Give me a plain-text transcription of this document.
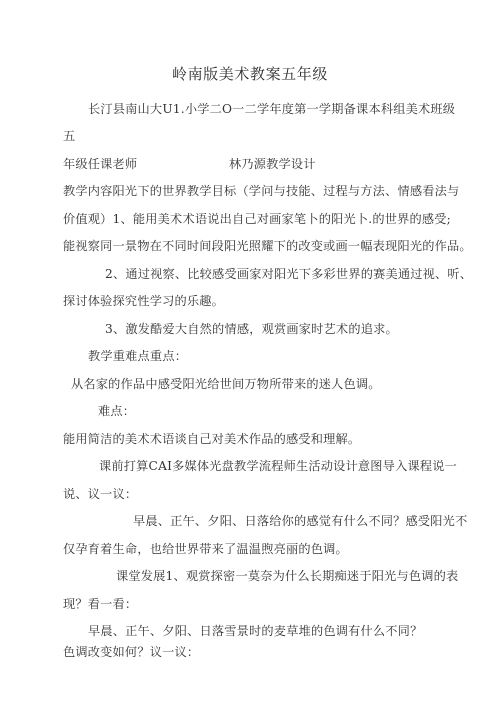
岭南版美术教案五年级
长汀县南山大U1.小学二O一二学年度第一学期备课本科组美术班级
五
年级任课老师	林乃源教学设计
教学内容阳光下的世界教学目标（学问与技能、过程与方法、情感看法与
价值观）1、能用美术术语说出自己对画家笔卜的阳光卜.的世界的感受;
能视察同一景物在不同时间段阳光照耀下的改变或画一幅表现阳光的作品。
2、通过视察、比较感受画家对阳光下多彩世界的赛美通过视、听、
探讨体验探究性学习的乐趣。
3、激发酷爱大自然的情感，观赏画家时艺术的追求。
教学重难点重点：
从名家的作品中感受阳光给世间万物所带来的迷人色调。
难点：
能用简洁的美术术语谈自己对美术作品的感受和理解。
课前打算CAI多媒体光盘教学流程师生活动设计意图导入课程说一
说、议一议：
早晨、正午、夕阳、日落给你的感觉有什么不同？感受阳光不
仅孕育着生命，也给世界带来了温温煦亮丽的色调。
课堂发展1、观赏探密一莫奈为什么长期痴迷于阳光与色调的表
现？看一看：
早晨、正午、夕阳、日落雪景时的麦草堆的色调有什么不同？
色调改变如何？议一议：
